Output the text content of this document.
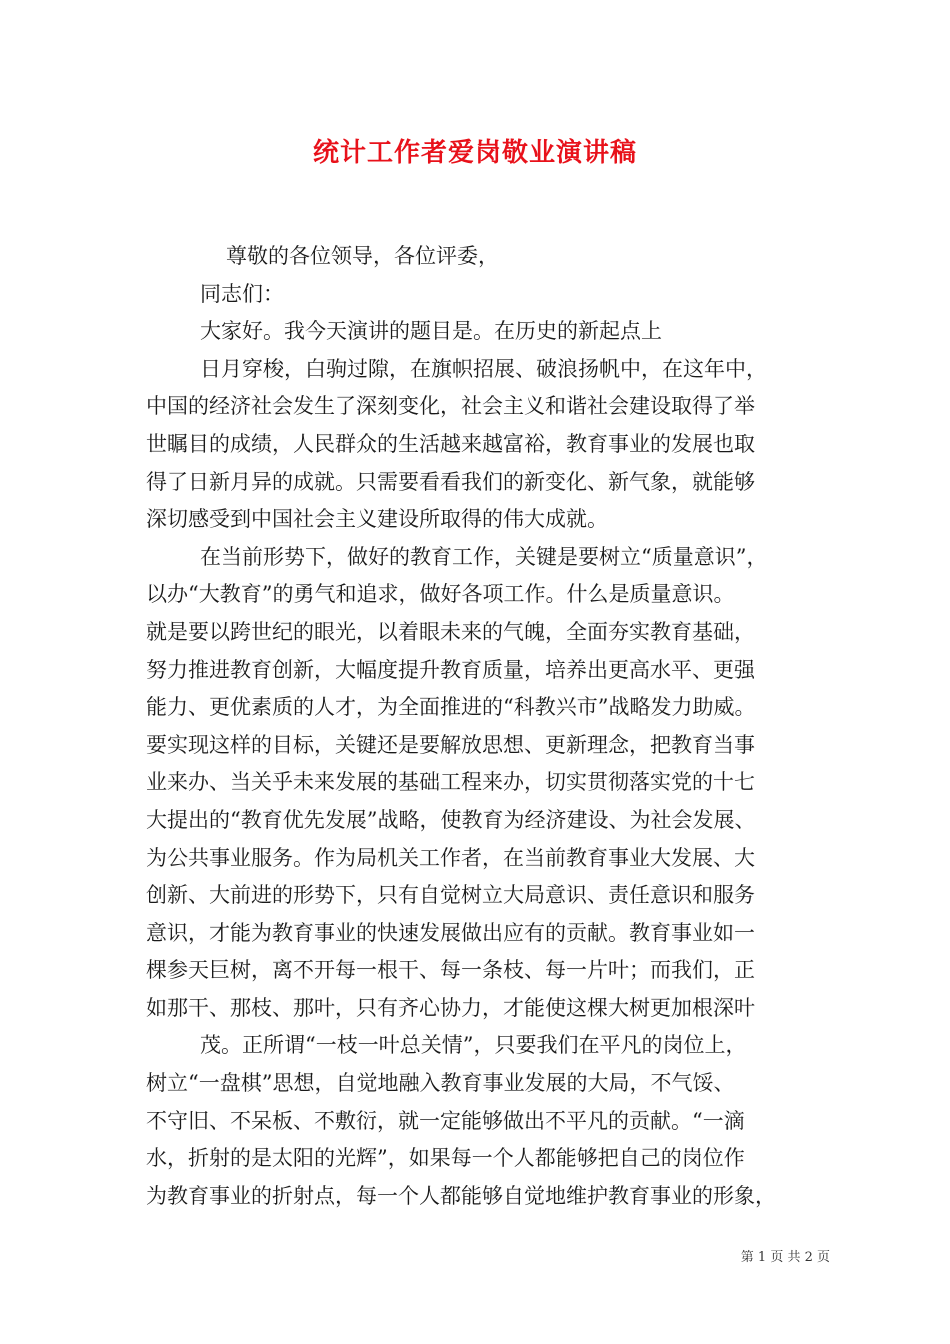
统计工作者爱岗敬业演讲稿
尊敬的各位领导，各位评委，
同志们：
大家好。我今天演讲的题目是。在历史的新起点上
日月穿梭，白驹过隙，在旗帜招展、破浪扬帆中，在这年中，
中国的经济社会发生了深刻变化，社会主义和谐社会建设取得了举
世瞩目的成绩，人民群众的生活越来越富裕，教育事业的发展也取
得了日新月异的成就。只需要看看我们的新变化、新气象，就能够
深切感受到中国社会主义建设所取得的伟大成就。
在当前形势下，做好的教育工作，关键是要树立“质量意识”，
以办“大教育”的勇气和追求，做好各项工作。什么是质量意识。
就是要以跨世纪的眼光，以着眼未来的气魄，全面夯实教育基础，
努力推进教育创新，大幅度提升教育质量，培养出更高水平、更强
能力、更优素质的人才，为全面推进的“科教兴市”战略发力助威。
要实现这样的目标，关键还是要解放思想、更新理念，把教育当事
业来办、当关乎未来发展的基础工程来办，切实贯彻落实党的十七
大提出的“教育优先发展”战略，使教育为经济建设、为社会发展、
为公共事业服务。作为局机关工作者，在当前教育事业大发展、大
创新、大前进的形势下，只有自觉树立大局意识、责任意识和服务
意识，才能为教育事业的快速发展做出应有的贡献。教育事业如一
棵参天巨树，离不开每一根干、每一条枝、每一片叶；而我们，正
如那干、那枝、那叶，只有齐心协力，才能使这棵大树更加根深叶
茂。正所谓“一枝一叶总关情”，只要我们在平凡的岗位上，
树立“一盘棋”思想，自觉地融入教育事业发展的大局，不气馁、
不守旧、不呆板、不敷衍，就一定能够做出不平凡的贡献。“一滴
水，折射的是太阳的光辉”，如果每一个人都能够把自己的岗位作
为教育事业的折射点，每一个人都能够自觉地维护教育事业的形象，
第 1 页 共 2 页
